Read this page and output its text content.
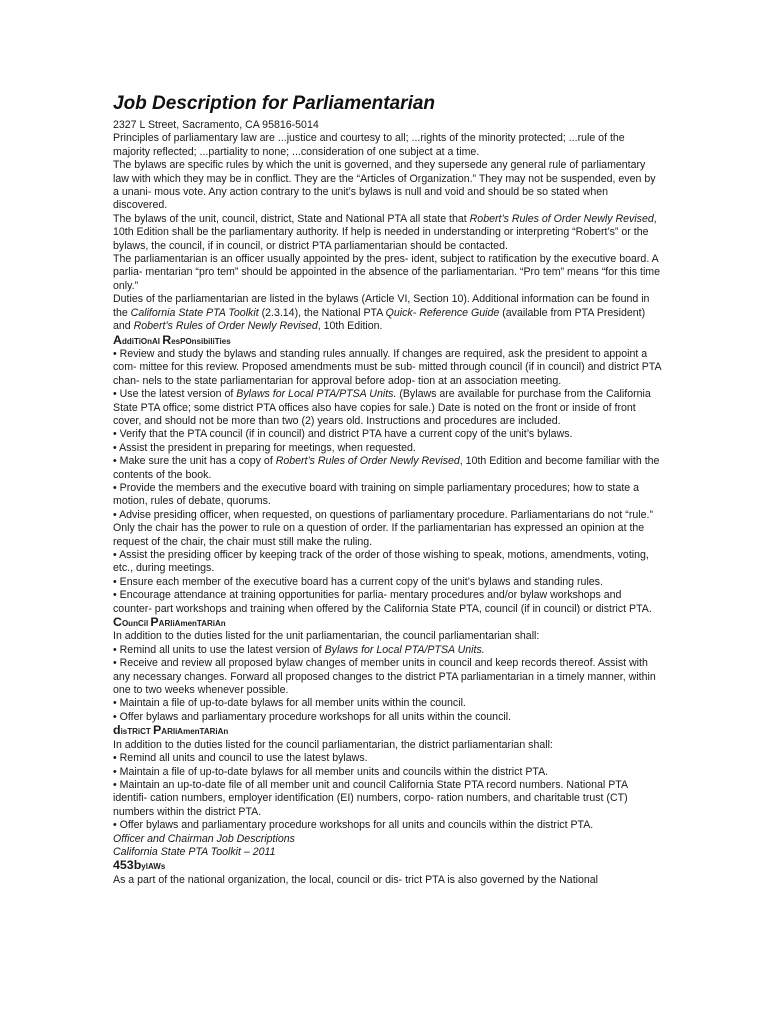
Job Description for Parliamentarian

2327 L Street, Sacramento, CA 95816-5014

Principles of parliamentary law are ...justice and courtesy to all; ...rights of the minority protected; ...rule of the majority reflected; ...partiality to none; ...consideration of one subject at a time.

The bylaws are specific rules by which the unit is governed, and they supersede any general rule of parliamentary law with which they may be in conflict. They are the “Articles of Organization.” They may not be suspended, even by a unani- mous vote. Any action contrary to the unit’s bylaws is null and void and should be so stated when discovered.

The bylaws of the unit, council, district, State and National PTA all state that Robert’s Rules of Order Newly Revised, 10th Edition shall be the parliamentary authority. If help is needed in understanding or interpreting “Robert’s” or the bylaws, the council, if in council, or district PTA parliamentarian should be contacted.

The parliamentarian is an officer usually appointed by the pres- ident, subject to ratification by the executive board. A parlia- mentarian “pro tem” should be appointed in the absence of the parliamentarian. “Pro tem” means “for this time only.”

Duties of the parliamentarian are listed in the bylaws (Article VI, Section 10). Additional information can be found in the California State PTA Toolkit (2.3.14), the National PTA Quick- Reference Guide (available from PTA President) and Robert’s Rules of Order Newly Revised, 10th Edition.

AddiTiOnAl ResPOnsibiliTies

• Review and study the bylaws and standing rules annually. If changes are required, ask the president to appoint a com- mittee for this review. Proposed amendments must be sub- mitted through council (if in council) and district PTA chan- nels to the state parliamentarian for approval before adop- tion at an association meeting.

• Use the latest version of Bylaws for Local PTA/PTSA Units. (Bylaws are available for purchase from the California State PTA office; some district PTA offices also have copies for sale.) Date is noted on the front or inside of front cover, and should not be more than two (2) years old. Instructions and procedures are included.

• Verify that the PTA council (if in council) and district PTA have a current copy of the unit’s bylaws.

• Assist the president in preparing for meetings, when requested.

• Make sure the unit has a copy of Robert’s Rules of Order Newly Revised, 10th Edition and become familiar with the contents of the book.

• Provide the members and the executive board with training on simple parliamentary procedures; how to state a motion, rules of debate, quorums.

• Advise presiding officer, when requested, on questions of parliamentary procedure. Parliamentarians do not “rule.” Only the chair has the power to rule on a question of order. If the parliamentarian has expressed an opinion at the request of the chair, the chair must still make the ruling.

• Assist the presiding officer by keeping track of the order of those wishing to speak, motions, amendments, voting, etc., during meetings.

• Ensure each member of the executive board has a current copy of the unit’s bylaws and standing rules.

• Encourage attendance at training opportunities for parlia- mentary procedures and/or bylaw workshops and counter- part workshops and training when offered by the California State PTA, council (if in council) or district PTA.

COunCil PARliAmenTARiAn

In addition to the duties listed for the unit parliamentarian, the council parliamentarian shall:

• Remind all units to use the latest version of Bylaws for Local PTA/PTSA Units.

• Receive and review all proposed bylaw changes of member units in council and keep records thereof. Assist with any necessary changes. Forward all proposed changes to the district PTA parliamentarian in a timely manner, within one to two weeks whenever possible.

• Maintain a file of up-to-date bylaws for all member units within the council.

• Offer bylaws and parliamentary procedure workshops for all units within the council.

disTRiCT PARliAmenTARiAn

In addition to the duties listed for the council parliamentarian, the district parliamentarian shall:

• Remind all units and council to use the latest bylaws.

• Maintain a file of up-to-date bylaws for all member units and councils within the district PTA.

• Maintain an up-to-date file of all member unit and council California State PTA record numbers. National PTA identifi- cation numbers, employer identification (EI) numbers, corpo- ration numbers, and charitable trust (CT) numbers within the district PTA.

• Offer bylaws and parliamentary procedure workshops for all units and councils within the district PTA.

Officer and Chairman Job Descriptions

California State PTA Toolkit – 2011

453bylAWs

As a part of the national organization, the local, council or dis- trict PTA is also governed by the National
